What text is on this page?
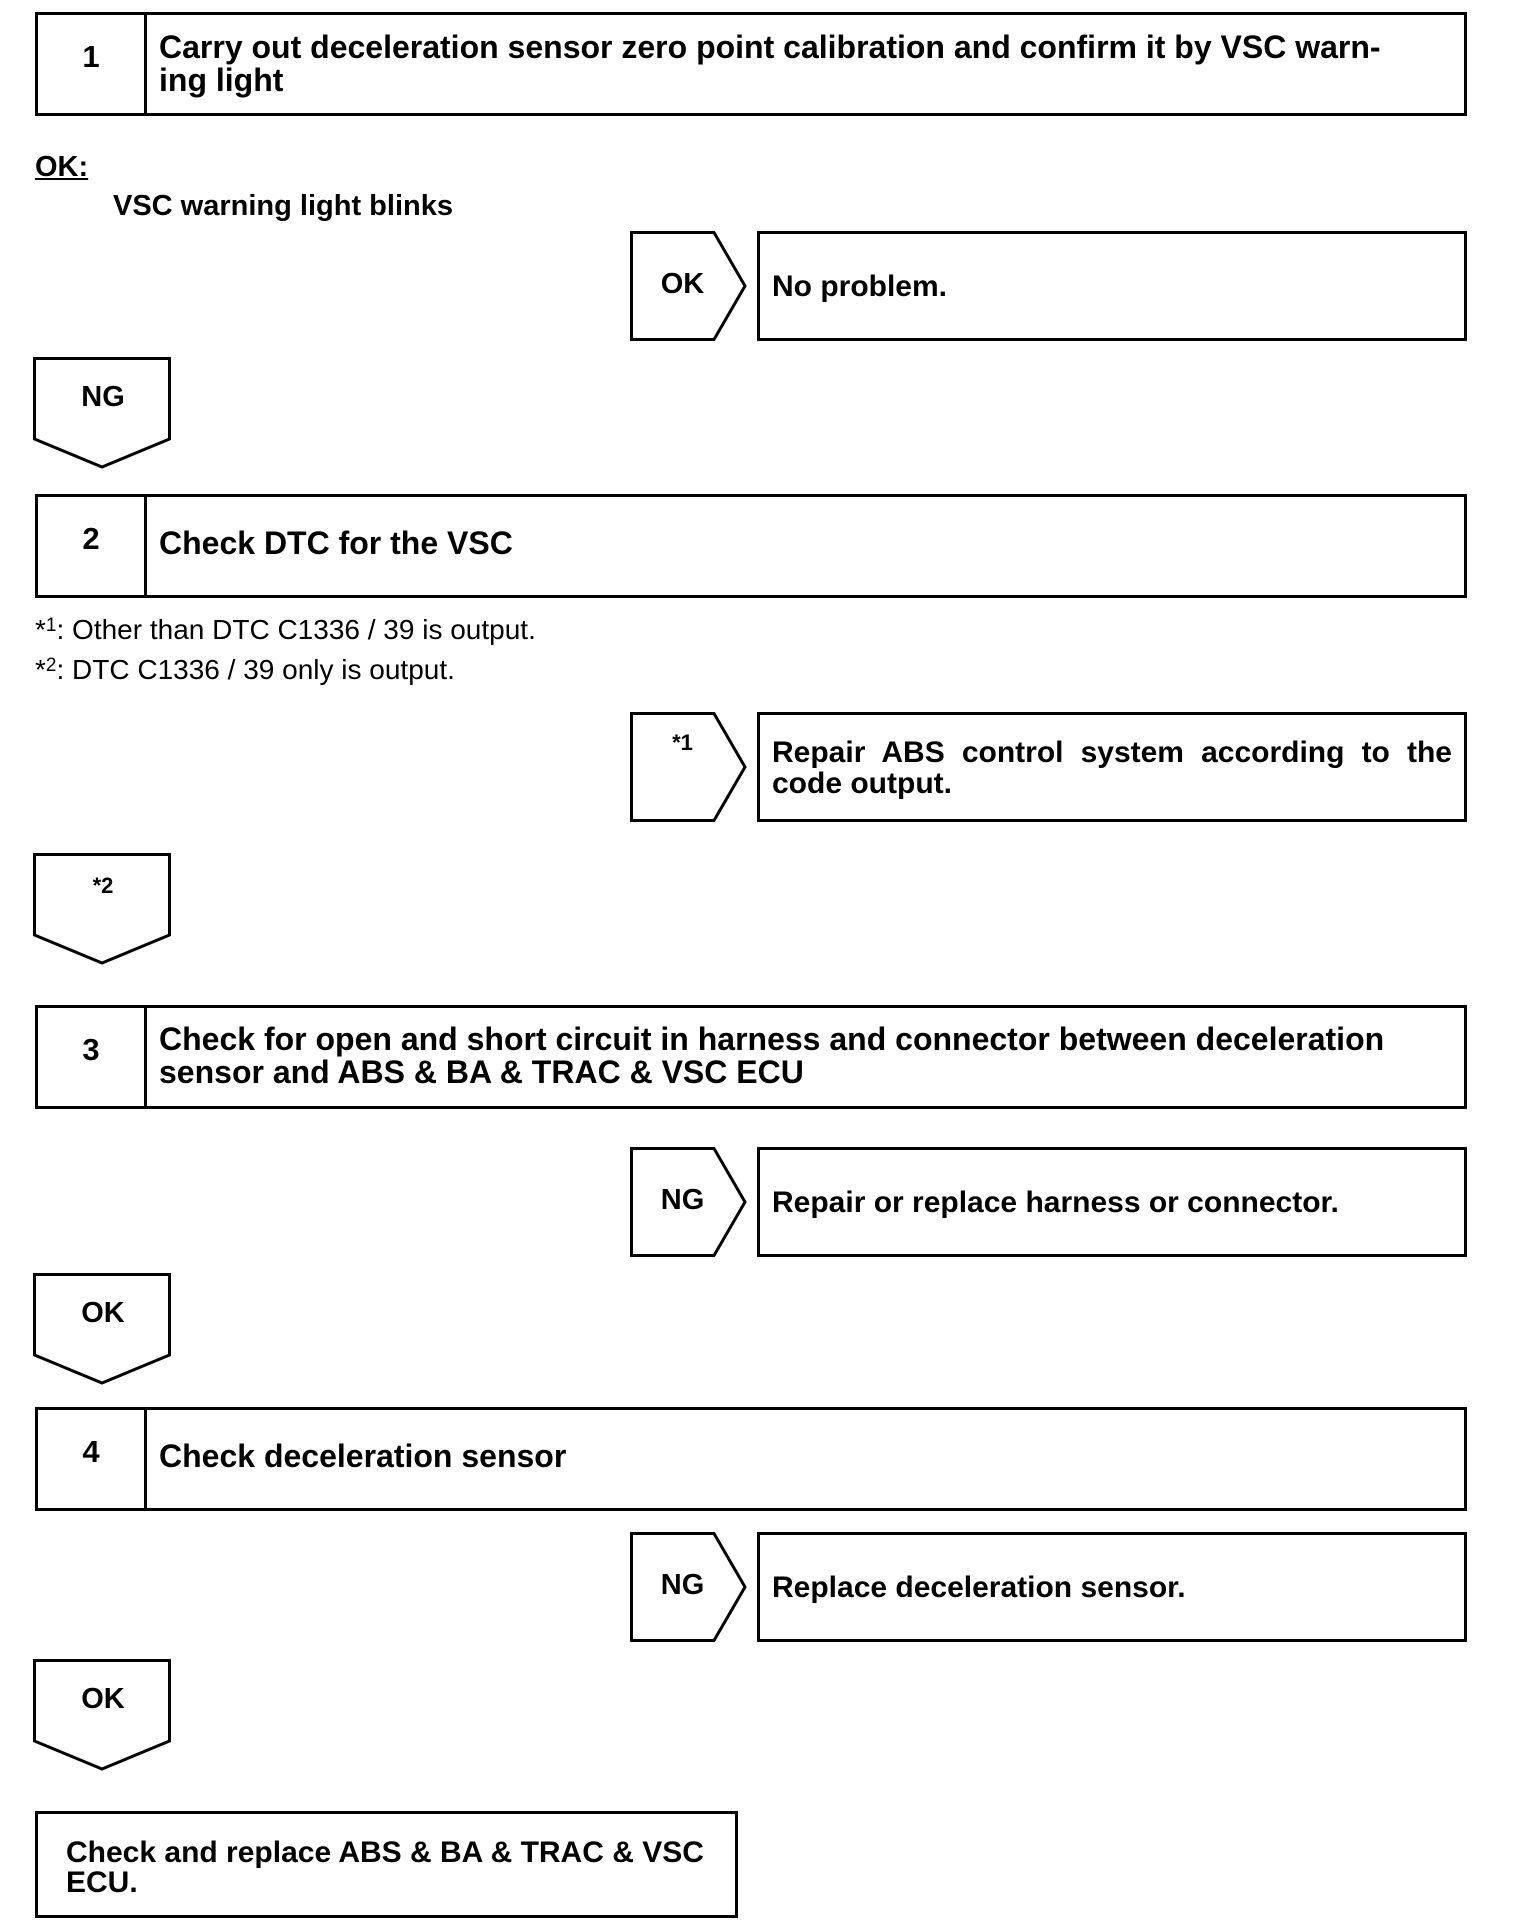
1	Carry out deceleration sensor zero point calibration and confirm it by VSC warn-
ing light
OK:
VSC warning light blinks
OK	No problem.
NG
2	Check DTC for the VSC
*$^1$: Other than DTC C1336 / 39 is output.
*$^2$: DTC C1336 / 39 only is output.
*1	Repair ABS control system according to the code output.
*2
3	Check for open and short circuit in harness and connector between deceleration sensor and ABS & BA & TRAC & VSC ECU
NG	Repair or replace harness or connector.
OK
4	Check deceleration sensor
NG	Replace deceleration sensor.
OK
Check and replace ABS & BA & TRAC & VSC ECU.
